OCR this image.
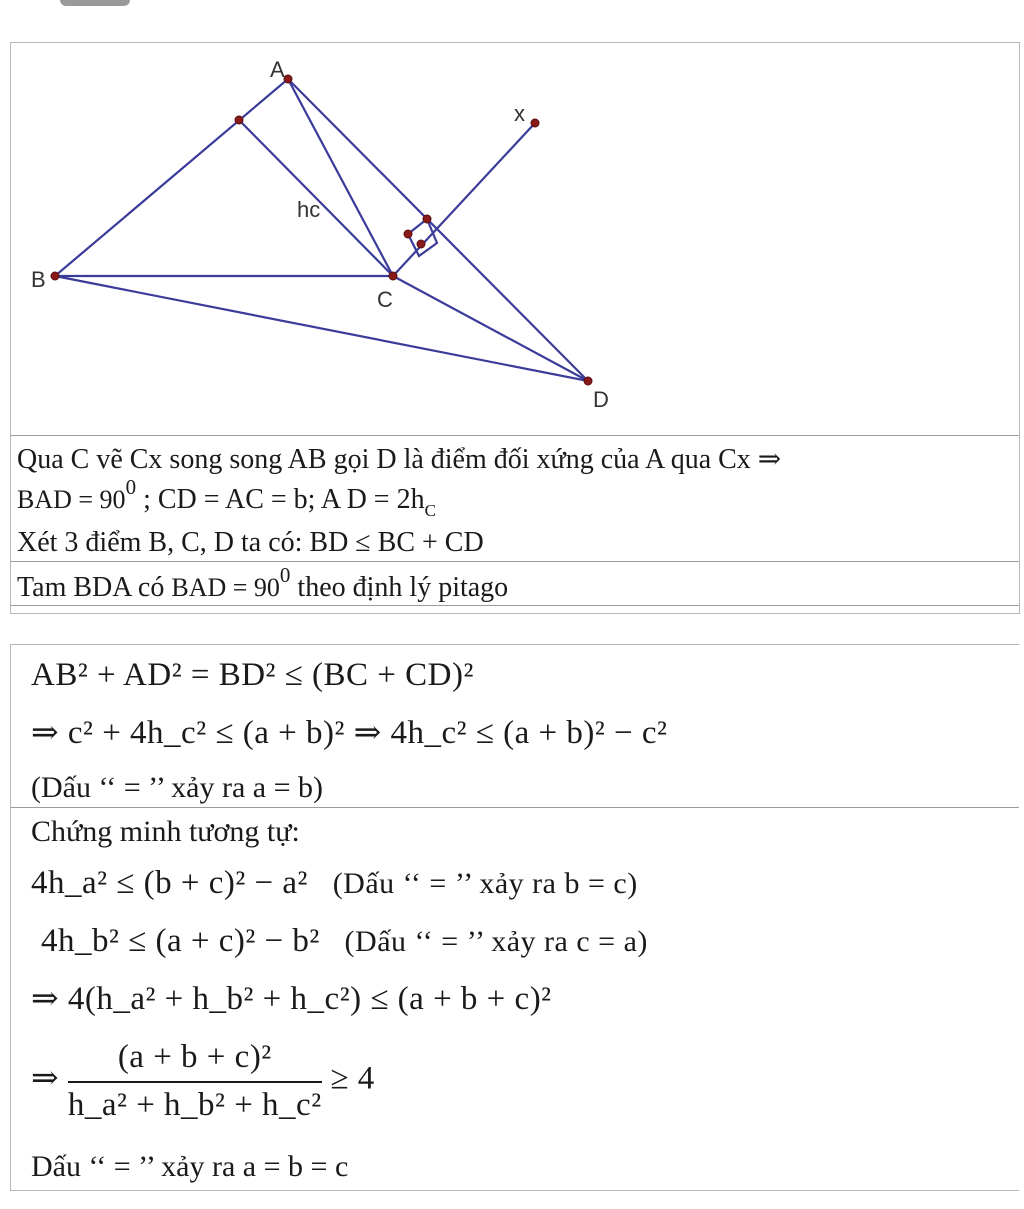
A
B
C
D
x
hc
Qua C vẽ Cx song song AB gọi D là điểm đối xứng của A qua Cx ⇒
BAD = $90^0$ ; CD = AC = b; A $D = 2h_C$
Xét 3 điểm B, C, D ta có: BD ≤ BC + CD
Tam BDA có BAD = $90^0$ theo định lý pitago
AB² + AD² = BD² ≤ (BC + CD)²
⇒ c² + 4h_c² ≤ (a + b)² ⇒ 4h_c² ≤ (a + b)² − c²
(Dấu ‘‘ = ’’ xảy ra a = b)
Chứng minh tương tự:
4h_a² ≤ (b + c)² − a² (Dấu ‘‘ = ’’ xảy ra b = c)
4h_b² ≤ (a + c)² − b² (Dấu ‘‘ = ’’ xảy ra c = a)
⇒ 4(h_a² + h_b² + h_c²) ≤ (a + b + c)²
⇒ $\frac{\text{(a + b + c)²}}{\text{h\_a² + h\_b² + h\_c²}} \ge 4$
Dấu ‘‘ = ’’ xảy ra a = b = c
